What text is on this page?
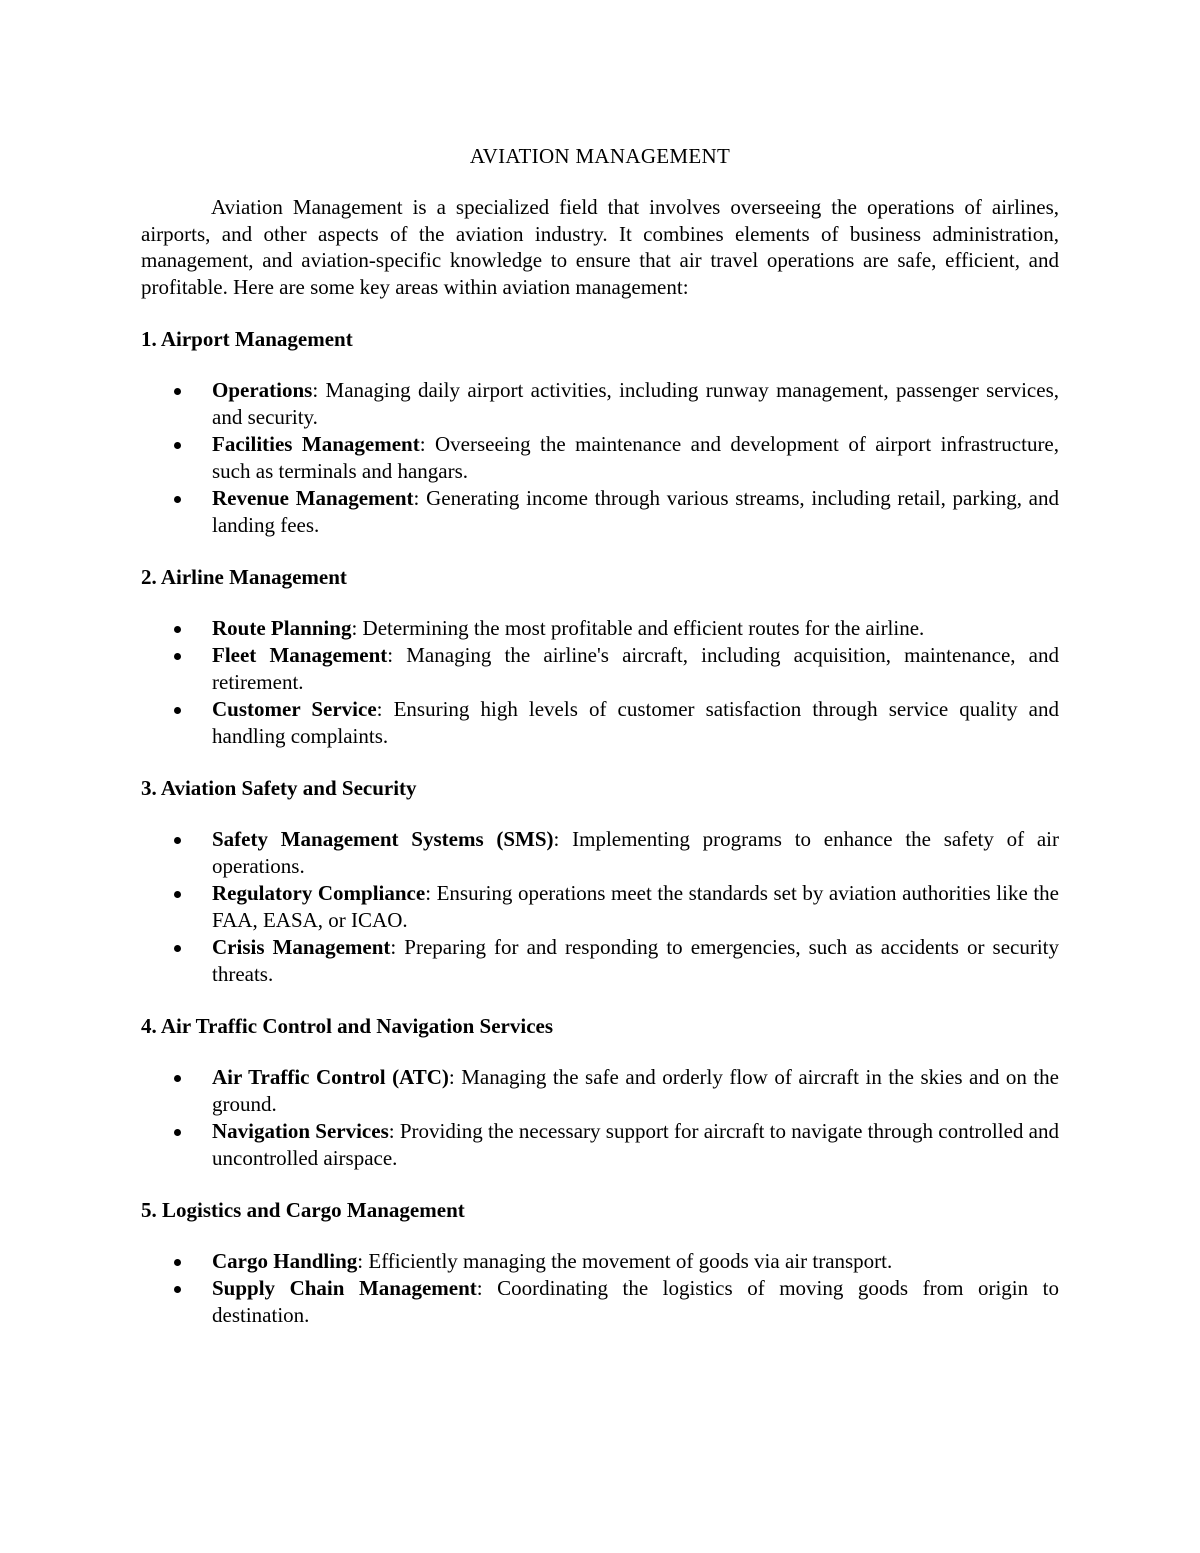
AVIATION MANAGEMENT

Aviation Management is a specialized field that involves overseeing the operations of airlines, airports, and other aspects of the aviation industry. It combines elements of business administration, management, and aviation-specific knowledge to ensure that air travel operations are safe, efficient, and profitable. Here are some key areas within aviation management:

1. Airport Management
Operations: Managing daily airport activities, including runway management, passenger services, and security.
Facilities Management: Overseeing the maintenance and development of airport infrastructure, such as terminals and hangars.
Revenue Management: Generating income through various streams, including retail, parking, and landing fees.
2. Airline Management
Route Planning: Determining the most profitable and efficient routes for the airline.
Fleet Management: Managing the airline's aircraft, including acquisition, maintenance, and retirement.
Customer Service: Ensuring high levels of customer satisfaction through service quality and handling complaints.
3. Aviation Safety and Security
Safety Management Systems (SMS): Implementing programs to enhance the safety of air operations.
Regulatory Compliance: Ensuring operations meet the standards set by aviation authorities like the FAA, EASA, or ICAO.
Crisis Management: Preparing for and responding to emergencies, such as accidents or security threats.
4. Air Traffic Control and Navigation Services
Air Traffic Control (ATC): Managing the safe and orderly flow of aircraft in the skies and on the ground.
Navigation Services: Providing the necessary support for aircraft to navigate through controlled and uncontrolled airspace.
5. Logistics and Cargo Management
Cargo Handling: Efficiently managing the movement of goods via air transport.
Supply Chain Management: Coordinating the logistics of moving goods from origin to destination.
